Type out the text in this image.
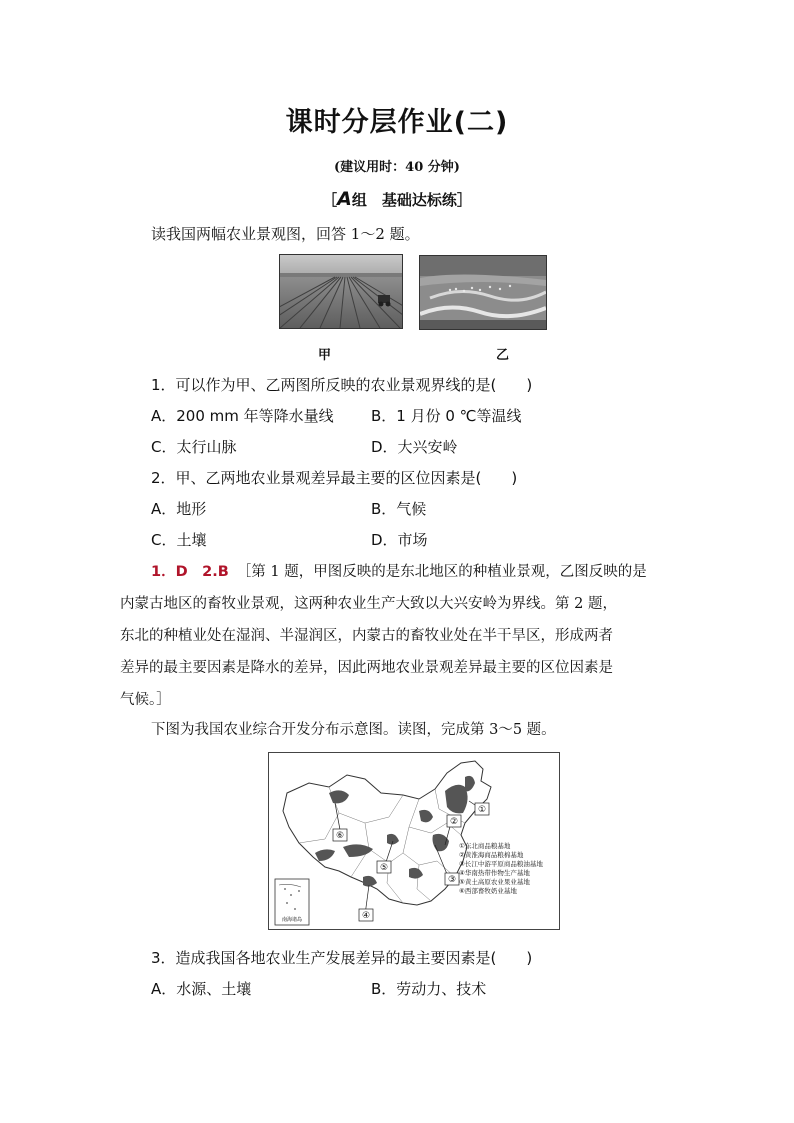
课时分层作业(二)
(建议用时：40 分钟)
［A组　基础达标练］
读我国两幅农业景观图，回答 1～2 题。
甲	乙
1．可以作为甲、乙两图所反映的农业景观界线的是(　　)
A．200 mm 年等降水量线 B．1 月份 0 ℃等温线
C．太行山脉	D．大兴安岭
2．甲、乙两地农业景观差异最主要的区位因素是(　　)
A．地形	B．气候
C．土壤	D．市场
1．D　2.B ［第 1 题，甲图反映的是东北地区的种植业景观，乙图反映的是
内蒙古地区的畜牧业景观，这两种农业生产大致以大兴安岭为界线。第 2 题，
东北的种植业处在湿润、半湿润区，内蒙古的畜牧业处在半干旱区，形成两者
差异的最主要因素是降水的差异，因此两地农业景观差异最主要的区位因素是
气候。］
下图为我国农业综合开发分布示意图。读图，完成第 3～5 题。
①
②
⑤
④
③
⑥
南海诸岛
①东北商品粮基地
②黄淮海商品粮棉基地
③长江中游平原商品粮油基地
④华南热带作物生产基地
⑤黄土高原农业果业基地
⑥西部畜牧奶业基地
3．造成我国各地农业生产发展差异的最主要因素是(　　)
A．水源、土壤	B．劳动力、技术
